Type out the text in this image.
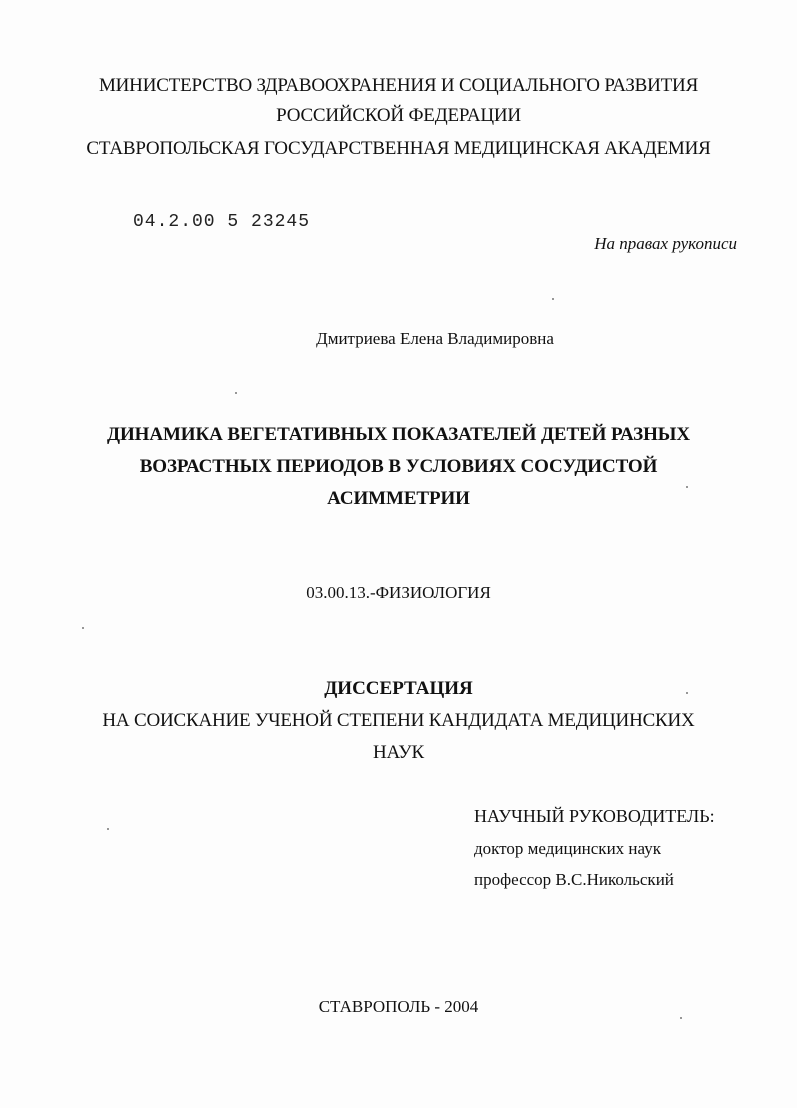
МИНИСТЕРСТВО ЗДРАВООХРАНЕНИЯ И СОЦИАЛЬНОГО РАЗВИТИЯ
РОССИЙСКОЙ ФЕДЕРАЦИИ
СТАВРОПОЛЬСКАЯ ГОСУДАРСТВЕННАЯ МЕДИЦИНСКАЯ АКАДЕМИЯ
04.2.00 5 23245
На правах рукописи
Дмитриева Елена Владимировна
ДИНАМИКА ВЕГЕТАТИВНЫХ ПОКАЗАТЕЛЕЙ ДЕТЕЙ РАЗНЫХ
ВОЗРАСТНЫХ ПЕРИОДОВ В УСЛОВИЯХ СОСУДИСТОЙ
АСИММЕТРИИ
03.00.13.-ФИЗИОЛОГИЯ
ДИССЕРТАЦИЯ
НА СОИСКАНИЕ УЧЕНОЙ СТЕПЕНИ КАНДИДАТА МЕДИЦИНСКИХ
НАУК
НАУЧНЫЙ РУКОВОДИТЕЛЬ:
доктор медицинских наук
профессор В.С.Никольский
СТАВРОПОЛЬ - 2004
